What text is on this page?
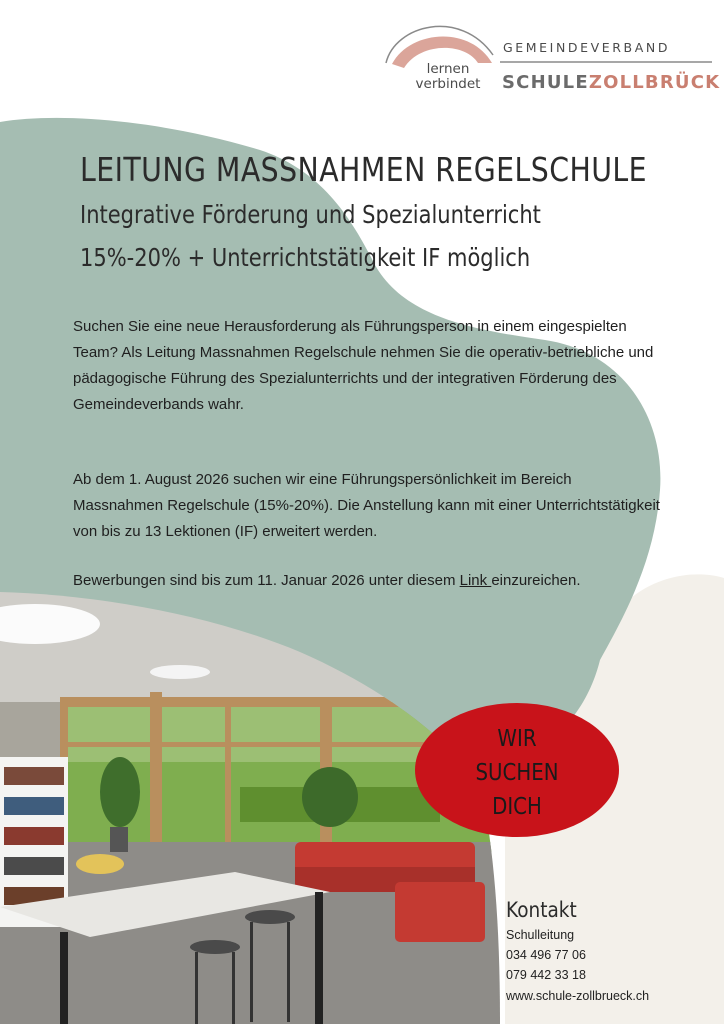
lernen
verbindet
GEMEINDEVERBAND
SCHULEZOLLBRÜCK
LEITUNG MASSNAHMEN REGELSCHULE
Integrative Förderung und Spezialunterricht
15%-20% + Unterrichtstätigkeit IF möglich

Suchen Sie eine neue Herausforderung als Führungsperson in einem eingespielten Team? Als Leitung Massnahmen Regelschule nehmen Sie die operativ-betriebliche und pädagogische Führung des Spezialunterrichts und der integrativen Förderung des Gemeindeverbands wahr.

Ab dem 1. August 2026 suchen wir eine Führungspersönlichkeit im Bereich Massnahmen Regelschule (15%-20%). Die Anstellung kann mit einer Unterrichtstätigkeit von bis zu 13 Lektionen (IF) erweitert werden.

Bewerbungen sind bis zum 11. Januar 2026 unter diesem Link einzureichen.

WIR
SUCHEN
DICH
Kontakt
Schulleitung
034 496 77 06
079 442 33 18
www.schule-zollbrueck.ch
